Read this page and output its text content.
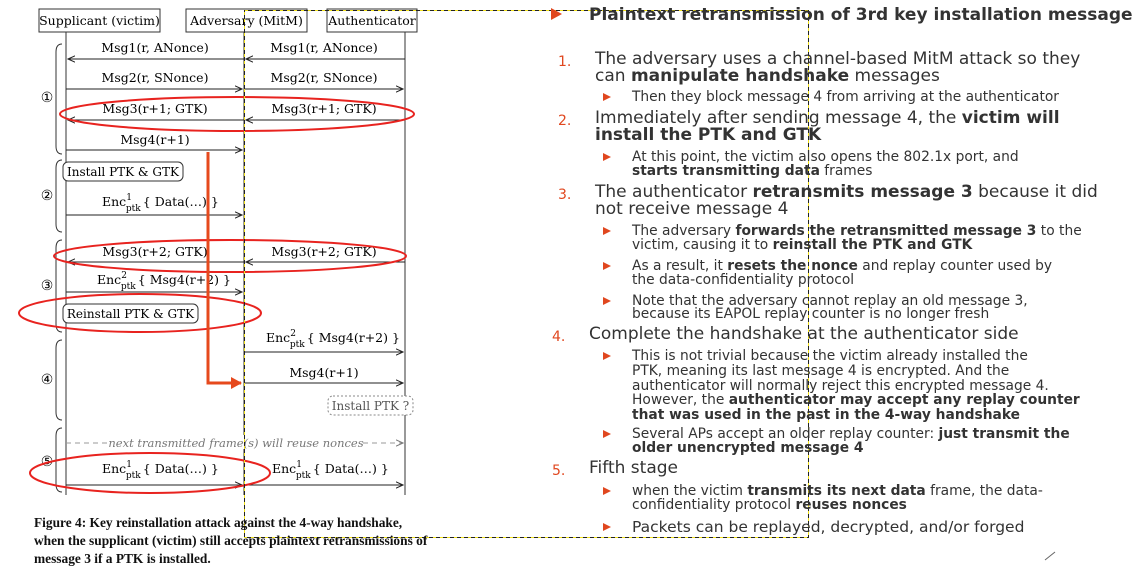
Supplicant (victim) Adversary (MitM) Authenticator
①
②
③
④
⑤
Msg1(r, ANonce)	Msg1(r, ANonce)
Msg2(r, SNonce)	Msg2(r, SNonce)
Msg3(r+1; GTK)	Msg3(r+1; GTK)
Msg4(r+1)
Install PTK & GTK
Enc$^1$ ptk { Data(…) }
Msg3(r+2; GTK)	Msg3(r+2; GTK)
Enc$^2$ ptk { Msg4(r+2) }
Reinstall PTK & GTK
Enc$^2$ ptk { Msg4(r+2) }
Msg4(r+1)
Install PTK ?
next transmitted frame(s) will reuse nonces
Enc$^1$ ptk { Data(…) }	Enc$^1$ ptk { Data(…) }
Figure 4: Key reinstallation attack against the 4-way handshake, when the supplicant (victim) still accepts plaintext retransmissions of message 3 if a PTK is installed.
Plaintext retransmission of 3rd key installation message
1. The adversary uses a channel-based MitM attack so they
can manipulate handshake messages
Then they block message 4 from arriving at the authenticator
2. Immediately after sending message 4, the victim will
install the PTK and GTK
At this point, the victim also opens the 802.1x port, and
starts transmitting data frames
3. The authenticator retransmits message 3 because it did
not receive message 4
The adversary forwards the retransmitted message 3 to the
victim, causing it to reinstall the PTK and GTK
As a result, it resets the nonce and replay counter used by
the data-confidentiality protocol
Note that the adversary cannot replay an old message 3,
because its EAPOL replay counter is no longer fresh
4. Complete the handshake at the authenticator side
This is not trivial because the victim already installed the
PTK, meaning its last message 4 is encrypted. And the
authenticator will normally reject this encrypted message 4.
However, the authenticator may accept any replay counter
that was used in the past in the 4-way handshake
Several APs accept an older replay counter: just transmit the
older unencrypted message 4
5. Fifth stage
when the victim transmits its next data frame, the data-
confidentiality protocol reuses nonces
Packets can be replayed, decrypted, and/or forged
